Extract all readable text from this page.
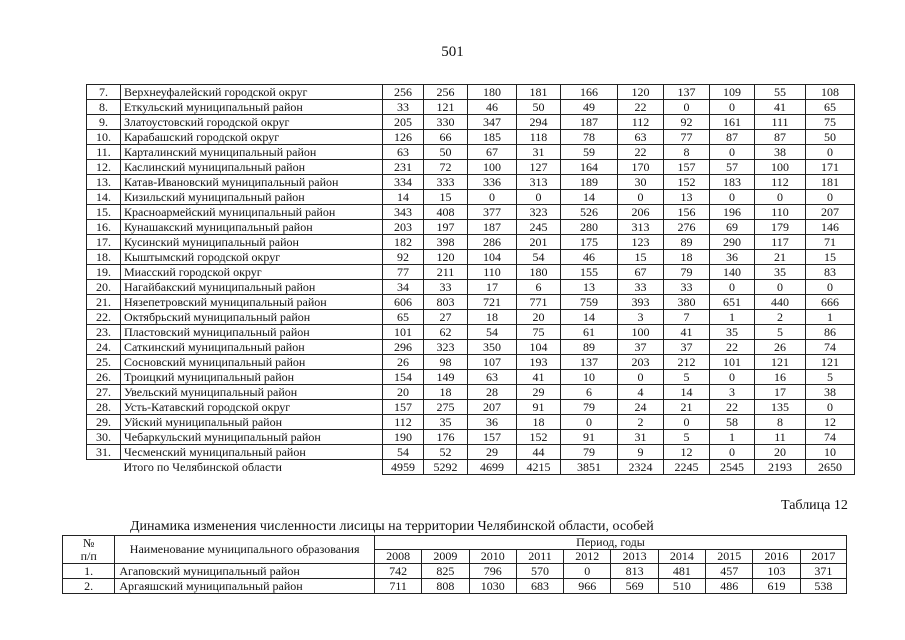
501
7.	Верхнеуфалейский городской округ	256	256	180	181	166	120	137	109	55	108
8.	Еткульский муниципальный район	33	121	46	50	49	22	0	0	41	65
9.	Златоустовский городской округ	205	330	347	294	187	112	92	161	111	75
10.	Карабашский городской округ	126	66	185	118	78	63	77	87	87	50
11.	Карталинский муниципальный район	63	50	67	31	59	22	8	0	38	0
12.	Каслинский муниципальный район	231	72	100	127	164	170	157	57	100	171
13.	Катав-Ивановский муниципальный район	334	333	336	313	189	30	152	183	112	181
14.	Кизильский муниципальный район	14	15	0	0	14	0	13	0	0	0
15.	Красноармейский муниципальный район	343	408	377	323	526	206	156	196	110	207
16.	Кунашакский муниципальный район	203	197	187	245	280	313	276	69	179	146
17.	Кусинский муниципальный район	182	398	286	201	175	123	89	290	117	71
18.	Кыштымский городской округ	92	120	104	54	46	15	18	36	21	15
19.	Миасский городской округ	77	211	110	180	155	67	79	140	35	83
20.	Нагайбакский муниципальный район	34	33	17	6	13	33	33	0	0	0
21.	Нязепетровский муниципальный район	606	803	721	771	759	393	380	651	440	666
22.	Октябрьский муниципальный район	65	27	18	20	14	3	7	1	2	1
23.	Пластовский муниципальный район	101	62	54	75	61	100	41	35	5	86
24.	Саткинский муниципальный район	296	323	350	104	89	37	37	22	26	74
25.	Сосновский муниципальный район	26	98	107	193	137	203	212	101	121	121
26.	Троицкий муниципальный район	154	149	63	41	10	0	5	0	16	5
27.	Увельский муниципальный район	20	18	28	29	6	4	14	3	17	38
28.	Усть-Катавский городской округ	157	275	207	91	79	24	21	22	135	0
29.	Уйский муниципальный район	112	35	36	18	0	2	0	58	8	12
30.	Чебаркульский муниципальный район	190	176	157	152	91	31	5	1	11	74
31.	Чесменский муниципальный район	54	52	29	44	79	9	12	0	20	10
	Итого по Челябинской области	4959	5292	4699	4215	3851	2324	2245	2545	2193	2650
Таблица 12
Динамика изменения численности лисицы на территории Челябинской области, особей
№
п/п	Наименование муниципального образования	Период, годы									
		2008	2009	2010	2011	2012	2013	2014	2015	2016	2017
1.	Агаповский муниципальный район	742	825	796	570	0	813	481	457	103	371
2.	Аргаяшский муниципальный район	711	808	1030	683	966	569	510	486	619	538
